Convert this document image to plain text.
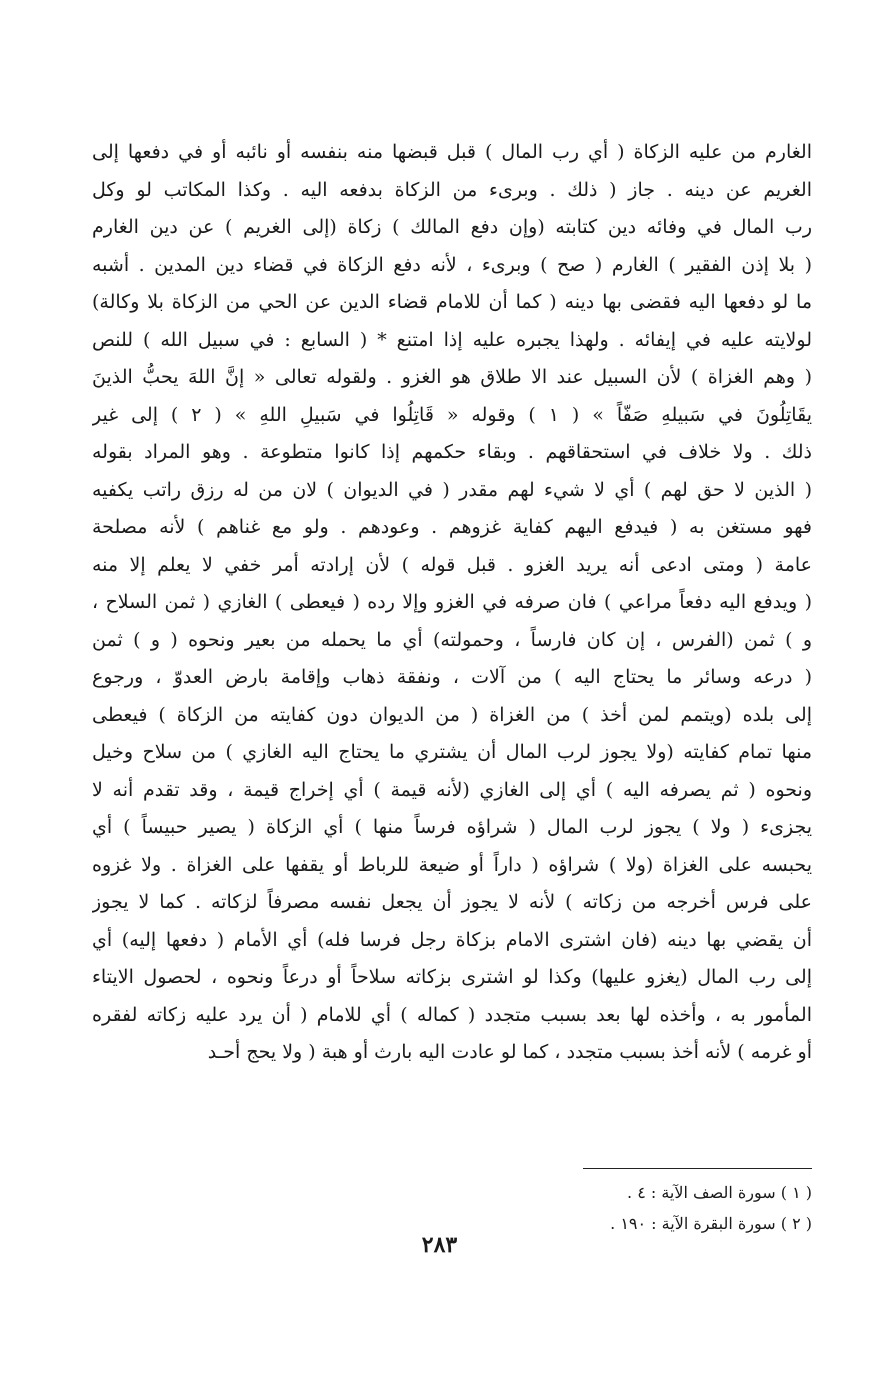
الغارم من عليه الزكاة ( أي رب المال ) قبل قبضها منه بنفسه أو نائبه أو في دفعها إلى
الغريم عن دينه . جاز ( ذلك . وبرىء من الزكاة بدفعه اليه . وكذا المكاتب لو وكل
رب المال في وفائه دين كتابته (وإن دفع المالك ) زكاة (إلى الغريم ) عن دين الغارم
( بلا إذن الفقير ) الغارم ( صح ) وبرىء ، لأنه دفع الزكاة في قضاء دين المدين . أشبه
ما لو دفعها اليه فقضى بها دينه ( كما أن للامام قضاء الدين عن الحي من الزكاة بلا وكالة)
لولايته عليه في إيفائه . ولهذا يجبره عليه إذا امتنع * ( السابع : في سبيل الله ) للنص
( وهم الغزاة ) لأن السبيل عند الا طلاق هو الغزو . ولقوله تعالى « إنَّ اللهَ يحبُّ الذينَ
يقَاتِلُونَ في سَبيلهِ صَفّاً » ( ١ ) وقوله « قَاتِلُوا في سَبيلِ اللهِ » ( ٢ ) إلى غير
ذلك . ولا خلاف في استحقاقهم . وبقاء حكمهم إذا كانوا متطوعة . وهو المراد بقوله
( الذين لا حق لهم ) أي لا شيء لهم مقدر ( في الديوان ) لان من له رزق راتب يكفيه
فهو مستغن به ( فيدفع اليهم كفاية غزوهم . وعودهم . ولو مع غناهم ) لأنه مصلحة
عامة ( ومتى ادعى أنه يريد الغزو . قبل قوله ) لأن إرادته أمر خفي لا يعلم إلا منه
( ويدفع اليه دفعاً مراعي ) فان صرفه في الغزو وإلا رده ( فيعطى ) الغازي ( ثمن السلاح ،
و ) ثمن (الفرس ، إن كان فارساً ، وحمولته) أي ما يحمله من بعير ونحوه ( و ) ثمن
( درعه وسائر ما يحتاج اليه ) من آلات ، ونفقة ذهاب وإقامة بارض العدوّ ، ورجوع
إلى بلده (ويتمم لمن أخذ ) من الغزاة ( من الديوان دون كفايته من الزكاة ) فيعطى
منها تمام كفايته (ولا يجوز لرب المال أن يشتري ما يحتاج اليه الغازي ) من سلاح وخيل
ونحوه ( ثم يصرفه اليه ) أي إلى الغازي (لأنه قيمة ) أي إخراج قيمة ، وقد تقدم أنه لا
يجزىء ( ولا ) يجوز لرب المال ( شراؤه فرساً منها ) أي الزكاة ( يصير حبيساً ) أي
يحبسه على الغزاة (ولا ) شراؤه ( داراً أو ضيعة للرباط أو يقفها على الغزاة . ولا غزوه
على فرس أخرجه من زكاته ) لأنه لا يجوز أن يجعل نفسه مصرفاً لزكاته . كما لا يجوز
أن يقضي بها دينه (فان اشترى الامام بزكاة رجل فرسا فله) أي الأمام ( دفعها إليه) أي
إلى رب المال (يغزو عليها) وكذا لو اشترى بزكاته سلاحاً أو درعاً ونحوه ، لحصول الايتاء
المأمور به ، وأخذه لها بعد بسبب متجدد ( كماله ) أي للامام ( أن يرد عليه زكاته لفقره
أو غرمه ) لأنه أخذ بسبب متجدد ، كما لو عادت اليه بارث أو هبة ( ولا يحج أحـد
( ١ ) سورة الصف الآية : ٤ .
( ٢ ) سورة البقرة الآية : ١٩٠ .
٢٨٣
